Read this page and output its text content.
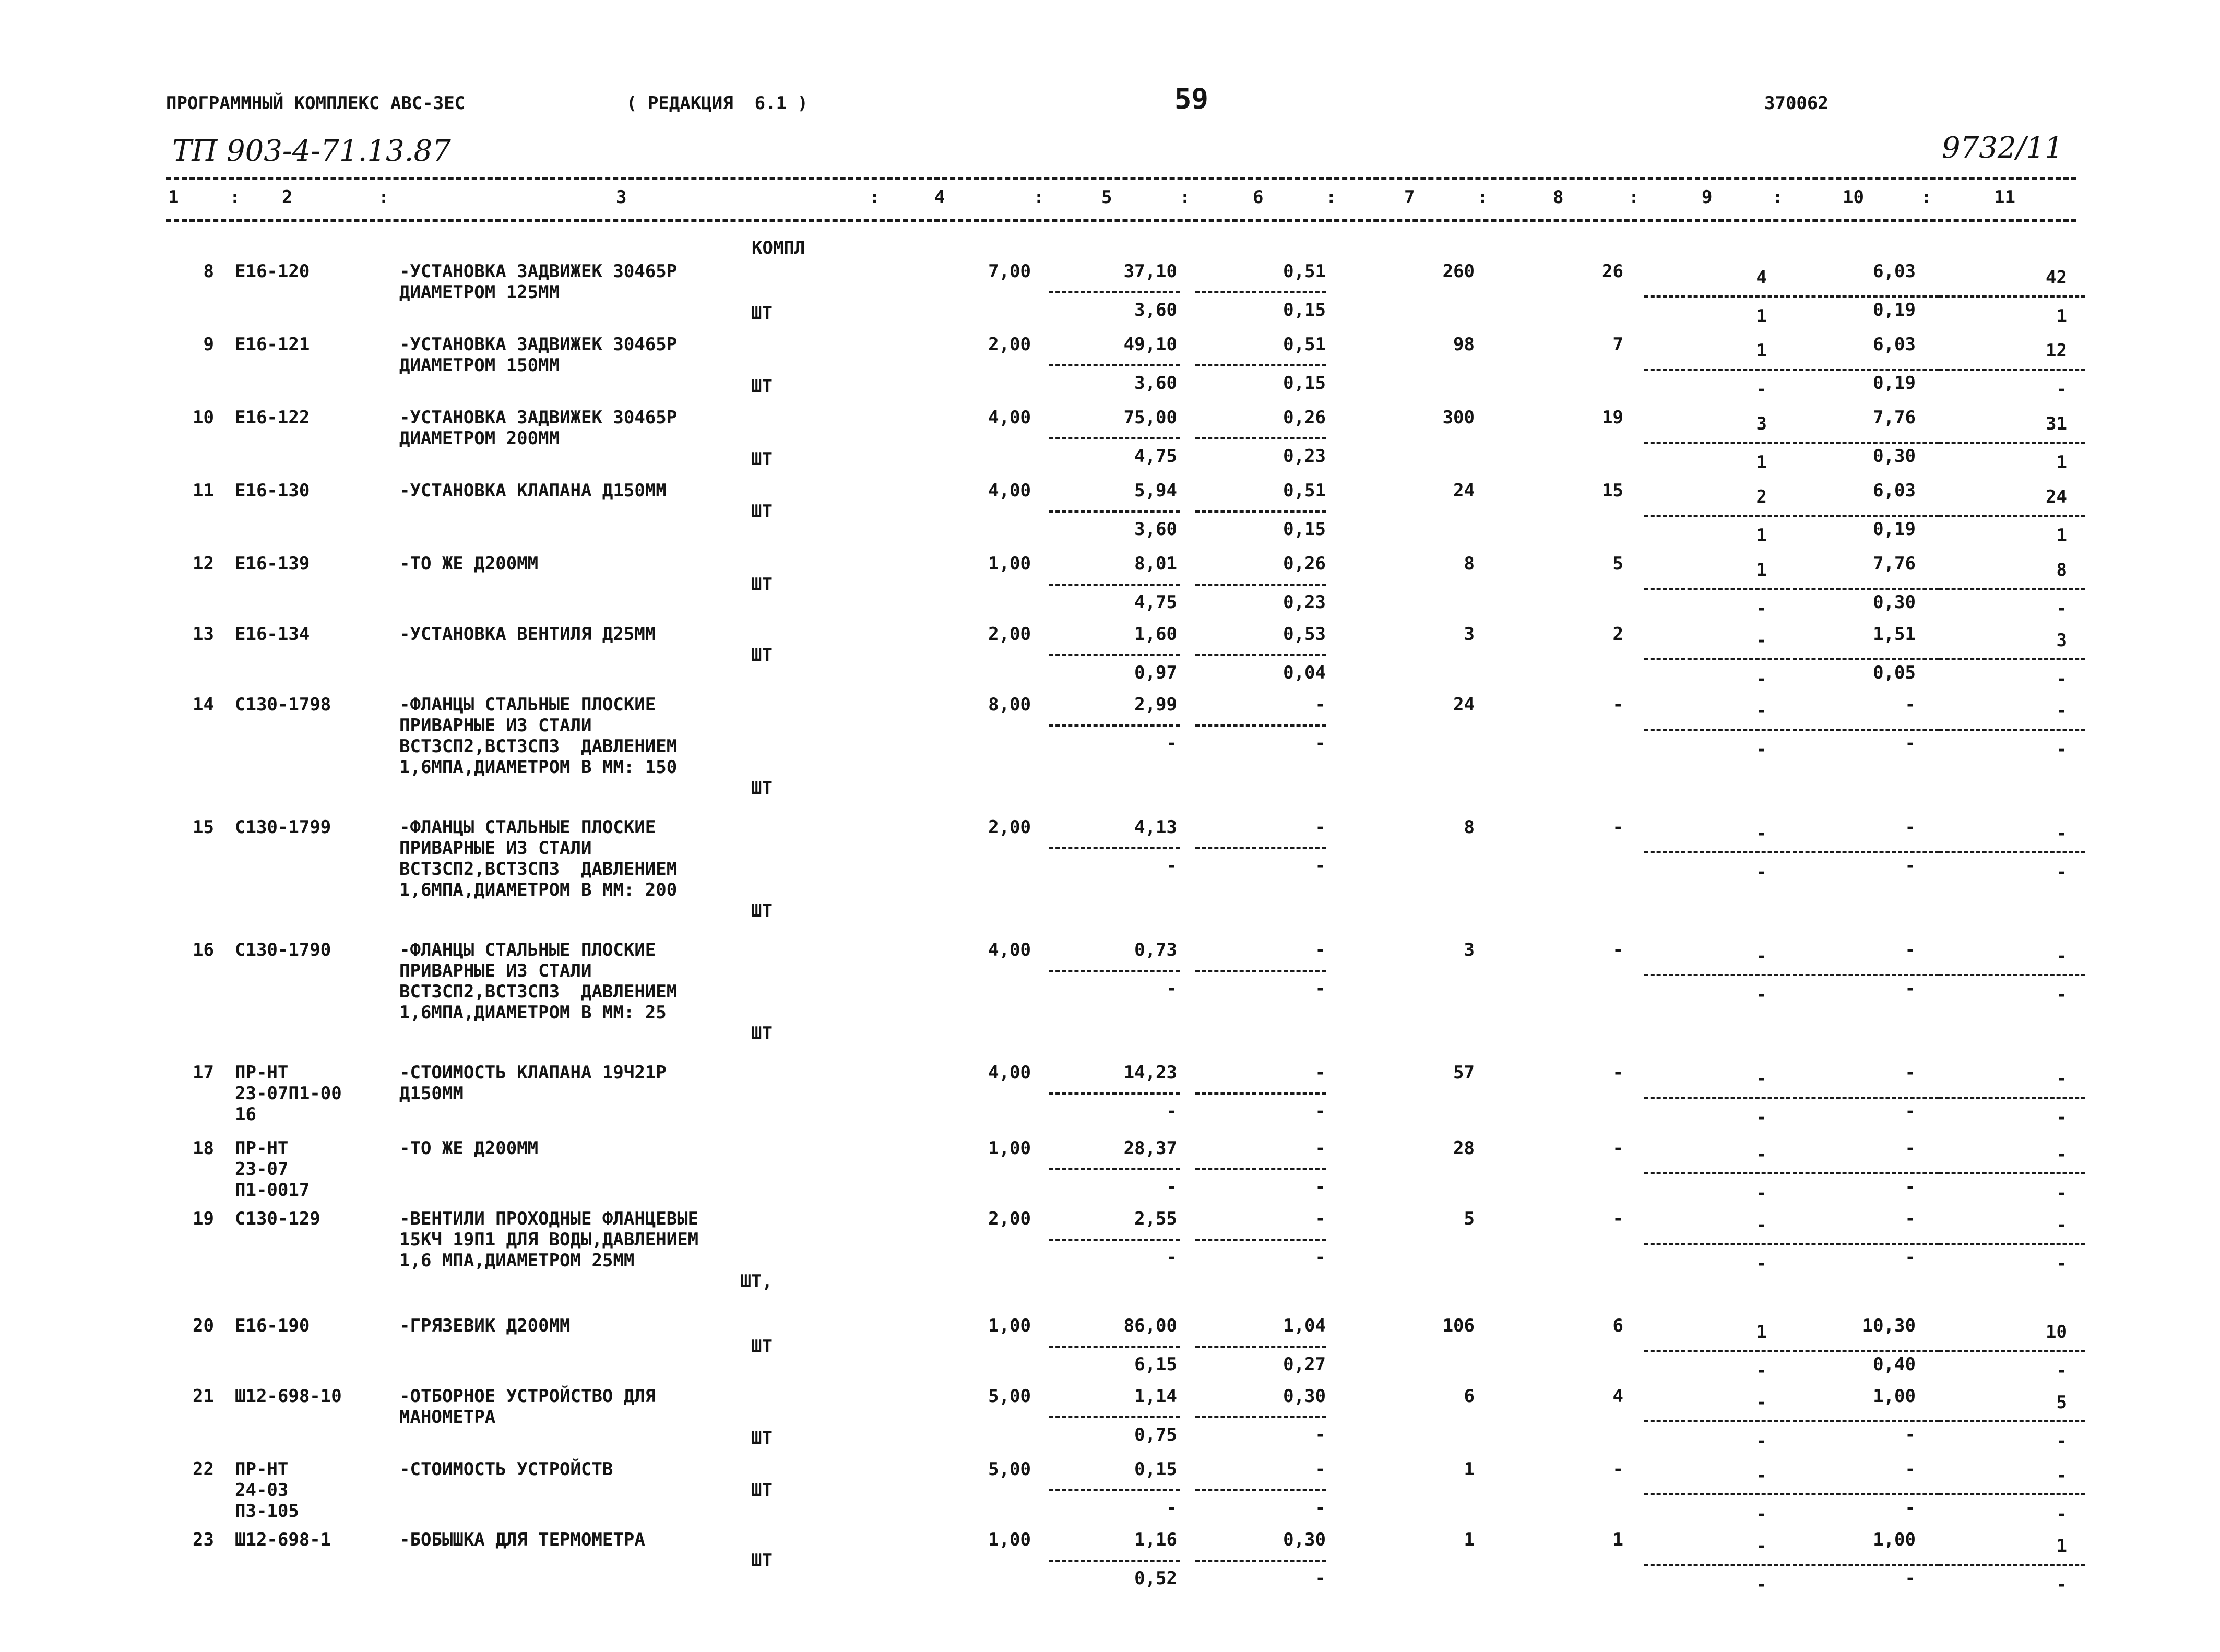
ПРОГРАММНЫЙ КОМПЛЕКС АВС-3ЕС	( РЕДАКЦИЯ  6.1 )	59	370062
ТП 903-4-71.13.87	9732/11
1	2	3	4	5	6	7	8	9	10	11
:	:	:	:	:	:	:	:	:	:
КОМПЛ
8 Е16-120	-УСТАНОВКА ЗАДВИЖЕК 30465Р
ДИАМЕТРОМ 125ММ
ШТ
7,00	37,10	0,51	260	26	4	6,03	42
3,60	0,15	1	0,19	1
9 Е16-121	-УСТАНОВКА ЗАДВИЖЕК 30465Р
ДИАМЕТРОМ 150ММ
ШТ
2,00	49,10	0,51	98	7	1	6,03	12
3,60	0,15	-	0,19	-
10 Е16-122	-УСТАНОВКА ЗАДВИЖЕК 30465Р
ДИАМЕТРОМ 200ММ
ШТ
4,00	75,00	0,26	300	19	3	7,76	31
4,75	0,23	1	0,30	1
11 Е16-130	-УСТАНОВКА КЛАПАНА Д150ММ
ШТ
4,00	5,94	0,51	24	15	2	6,03	24
3,60	0,15	1	0,19	1
12 Е16-139	-ТО ЖЕ Д200ММ
ШТ
1,00	8,01	0,26	8	5	1	7,76	8
4,75	0,23	-	0,30	-
13 Е16-134	-УСТАНОВКА ВЕНТИЛЯ Д25ММ
ШТ
2,00	1,60	0,53	3	2	-	1,51	3
0,97	0,04	-	0,05	-
14 С130-1798	-ФЛАНЦЫ СТАЛЬНЫЕ ПЛОСКИЕ
ПРИВАРНЫЕ ИЗ СТАЛИ
ВСТ3СП2,ВСТ3СП3  ДАВЛЕНИЕМ
1,6МПА,ДИАМЕТРОМ В ММ: 150
ШТ
8,00	2,99	-	24	-	-	-	-
-	-	-	-	-
15 С130-1799	-ФЛАНЦЫ СТАЛЬНЫЕ ПЛОСКИЕ
ПРИВАРНЫЕ ИЗ СТАЛИ
ВСТ3СП2,ВСТ3СП3  ДАВЛЕНИЕМ
1,6МПА,ДИАМЕТРОМ В ММ: 200
ШТ
2,00	4,13	-	8	-	-	-	-
-	-	-	-	-
16 С130-1790	-ФЛАНЦЫ СТАЛЬНЫЕ ПЛОСКИЕ
ПРИВАРНЫЕ ИЗ СТАЛИ
ВСТ3СП2,ВСТ3СП3  ДАВЛЕНИЕМ
1,6МПА,ДИАМЕТРОМ В ММ: 25
ШТ
4,00	0,73	-	3	-	-	-	-
-	-	-	-	-
17 ПР-НТ
23-07П1-00
16
-СТОИМОСТЬ КЛАПАНА 19Ч21Р
Д150ММ
4,00	14,23	-	57	-	-	-	-
-	-	-	-	-
18 ПР-НТ
23-07
П1-0017
-ТО ЖЕ Д200ММ	1,00	28,37	-	28	-	-	-	-
-	-	-	-	-
19 С130-129	-ВЕНТИЛИ ПРОХОДНЫЕ ФЛАНЦЕВЫЕ
15КЧ 19П1 ДЛЯ ВОДЫ,ДАВЛЕНИЕМ
1,6 МПА,ДИАМЕТРОМ 25ММ
ШТ,
2,00	2,55	-	5	-	-	-	-
-	-	-	-	-
20 Е16-190	-ГРЯЗЕВИК Д200ММ
ШТ
1,00	86,00	1,04	106	6	1	10,30	10
6,15	0,27	-	0,40	-
21 Ш12-698-10	-ОТБОРНОЕ УСТРОЙСТВО ДЛЯ
МАНОМЕТРА
ШТ
5,00	1,14	0,30	6	4	-	1,00	5
0,75	-	-	-	-
22 ПР-НТ
24-03
П3-105
-СТОИМОСТЬ УСТРОЙСТВ
ШТ
5,00	0,15	-	1	-	-	-	-
-	-	-	-	-
23 Ш12-698-1	-БОБЫШКА ДЛЯ ТЕРМОМЕТРА
ШТ
1,00	1,16	0,30	1	1	-	1,00	1
0,52	-	-	-	-
